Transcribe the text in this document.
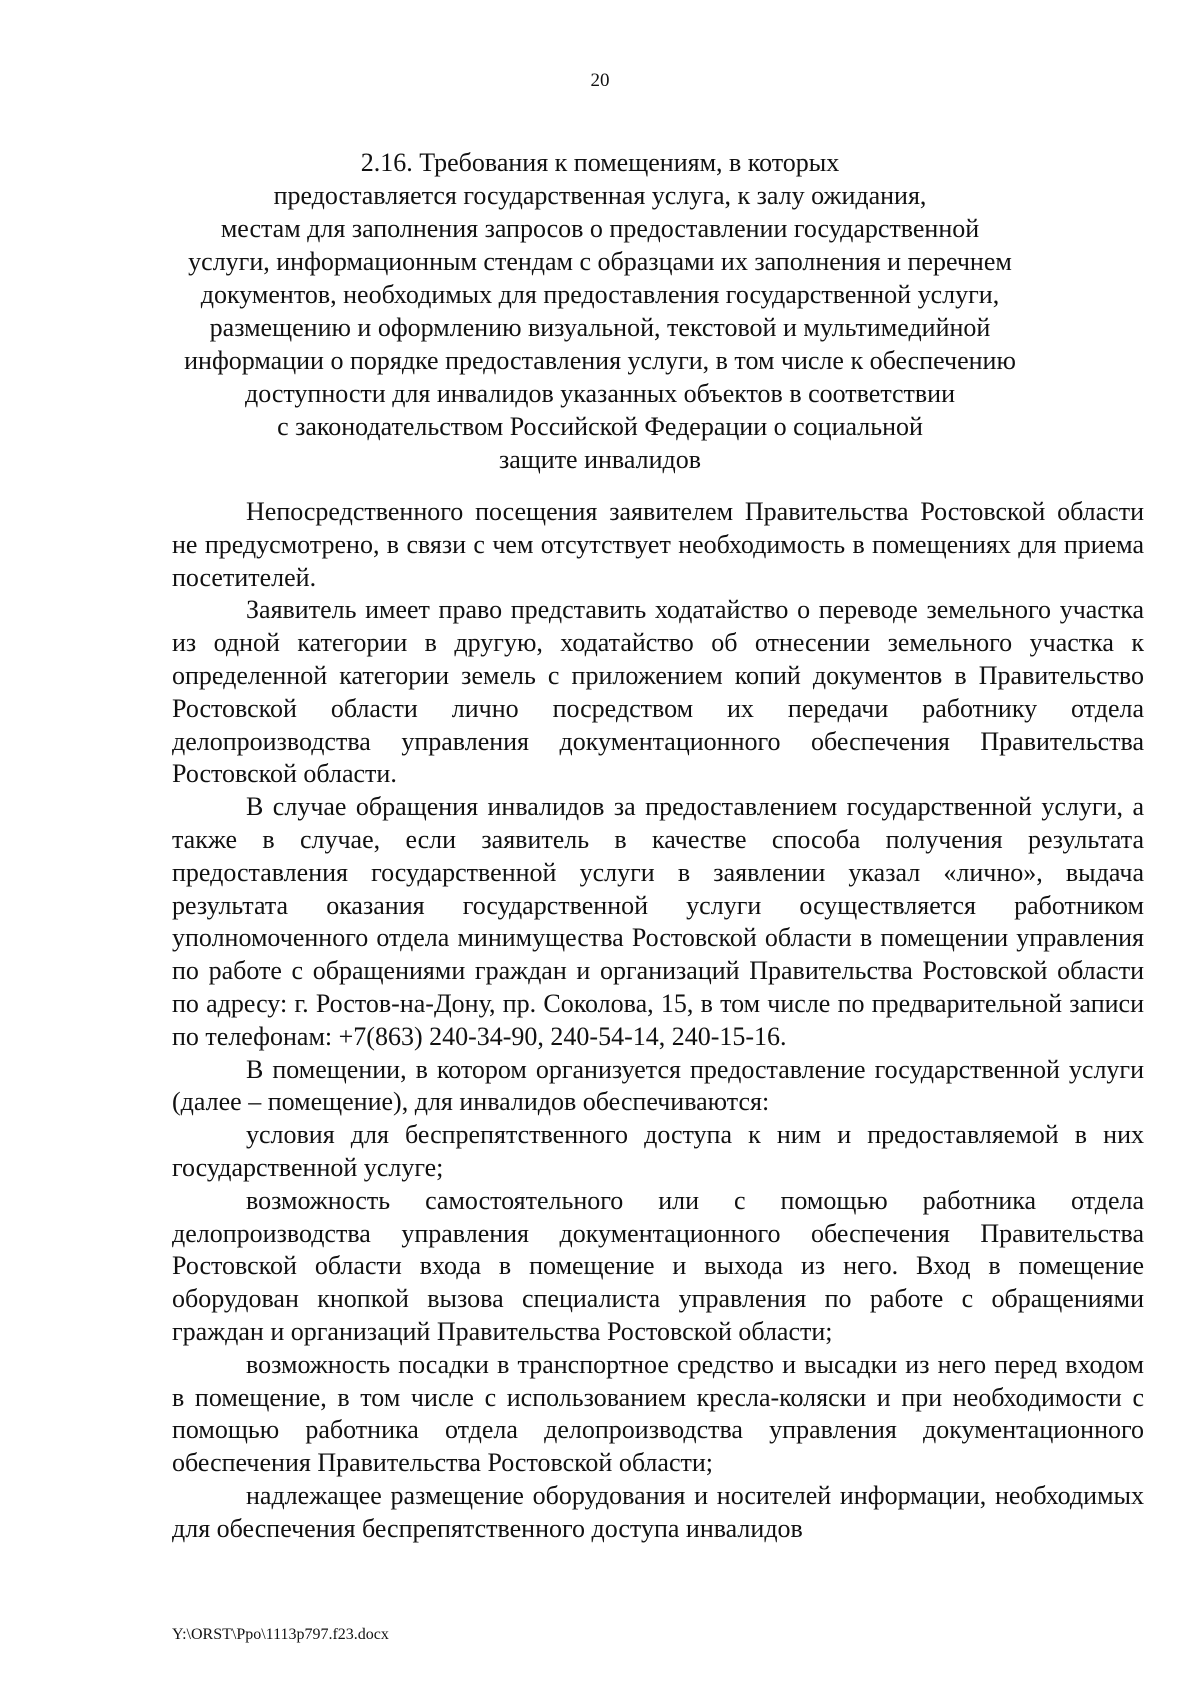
20
2.16. Требования к помещениям, в которых
предоставляется государственная услуга, к залу ожидания,
местам для заполнения запросов о предоставлении государственной
услуги, информационным стендам с образцами их заполнения и перечнем
документов, необходимых для предоставления государственной услуги,
размещению и оформлению визуальной, текстовой и мультимедийной
информации о порядке предоставления услуги, в том числе к обеспечению
доступности для инвалидов указанных объектов в соответствии
с законодательством Российской Федерации о социальной
защите инвалидов

Непосредственного посещения заявителем Правительства Ростовской области не предусмотрено, в связи с чем отсутствует необходимость в помещениях для приема посетителей.

Заявитель имеет право представить ходатайство о переводе земельного участка из одной категории в другую, ходатайство об отнесении земельного участка к определенной категории земель с приложением копий документов в Правительство Ростовской области лично посредством их передачи работнику отдела делопроизводства управления документационного обеспечения Правительства Ростовской области.

В случае обращения инвалидов за предоставлением государственной услуги, а также в случае, если заявитель в качестве способа получения результата предоставления государственной услуги в заявлении указал «лично», выдача результата оказания государственной услуги осуществляется работником уполномоченного отдела минимущества Ростовской области в помещении управления по работе с обращениями граждан и организаций Правительства Ростовской области по адресу: г. Ростов-на-Дону, пр. Соколова, 15, в том числе по предварительной записи по телефонам: +7(863) 240-34-90, 240-54-14, 240-15-16.

В помещении, в котором организуется предоставление государственной услуги (далее – помещение), для инвалидов обеспечиваются:

условия для беспрепятственного доступа к ним и предоставляемой в них государственной услуге;

возможность самостоятельного или с помощью работника отдела делопроизводства управления документационного обеспечения Правительства Ростовской области входа в помещение и выхода из него. Вход в помещение оборудован кнопкой вызова специалиста управления по работе с обращениями граждан и организаций Правительства Ростовской области;

возможность посадки в транспортное средство и высадки из него перед входом в помещение, в том числе с использованием кресла-коляски и при необходимости с помощью работника отдела делопроизводства управления документационного обеспечения Правительства Ростовской области;

надлежащее размещение оборудования и носителей информации, необходимых для обеспечения беспрепятственного доступа инвалидов

Y:\ORST\Ppo\1113p797.f23.docx
